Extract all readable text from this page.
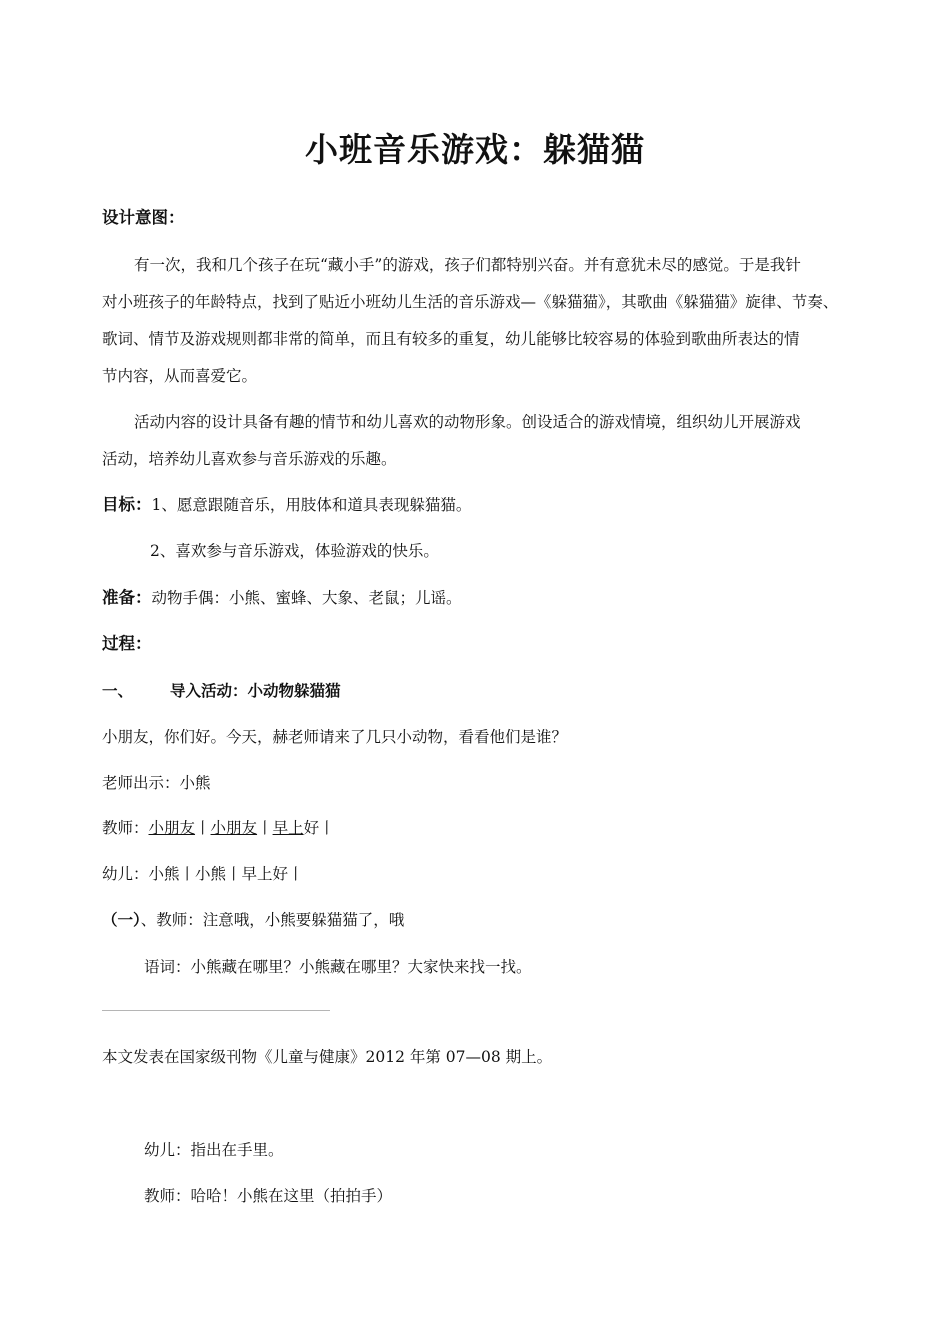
小班音乐游戏：躲猫猫
设计意图：
有一次，我和几个孩子在玩“藏小手”的游戏，孩子们都特别兴奋。并有意犹未尽的感觉。于是我针
对小班孩子的年龄特点，找到了贴近小班幼儿生活的音乐游戏—《躲猫猫》，其歌曲《躲猫猫》旋律、节奏、
歌词、情节及游戏规则都非常的简单，而且有较多的重复，幼儿能够比较容易的体验到歌曲所表达的情
节内容，从而喜爱它。
活动内容的设计具备有趣的情节和幼儿喜欢的动物形象。创设适合的游戏情境，组织幼儿开展游戏
活动，培养幼儿喜欢参与音乐游戏的乐趣。
目标：1、愿意跟随音乐，用肢体和道具表现躲猫猫。
2、喜欢参与音乐游戏，体验游戏的快乐。
准备：动物手偶：小熊、蜜蜂、大象、老鼠；儿谣。
过程：
一、 导入活动：小动物躲猫猫
小朋友，你们好。今天，赫老师请来了几只小动物，看看他们是谁？
老师出示：小熊
教师：小朋友丨小朋友丨早上好丨
幼儿：小熊丨小熊丨早上好丨
（一）、教师：注意哦，小熊要躲猫猫了，哦
语词：小熊藏在哪里？小熊藏在哪里？大家快来找一找。
本文发表在国家级刊物《儿童与健康》2012 年第 07—08 期上。
幼儿：指出在手里。
教师：哈哈！小熊在这里（拍拍手）
